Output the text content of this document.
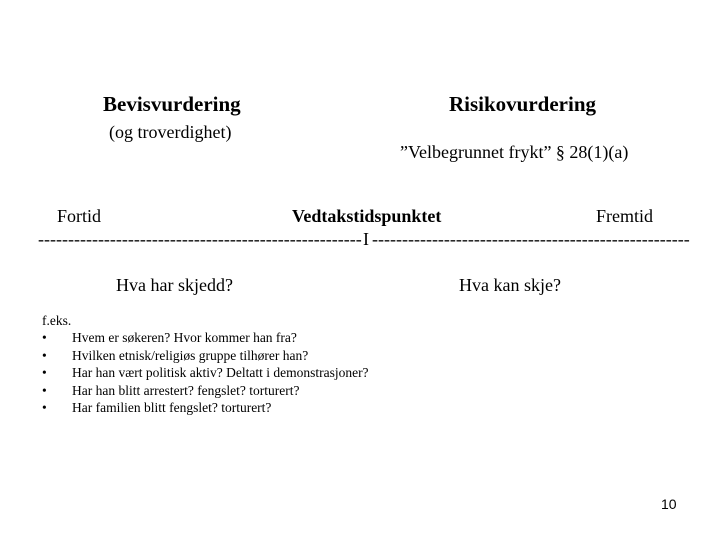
Bevisvurdering
(og troverdighet)
Risikovurdering
”Velbegrunnet frykt” § 28(1)(a)
Fortid	Vedtakstidspunktet	Fremtid
------------------------------------------------------ I -----------------------------------------------------
Hva har skjedd?	Hva kan skje?
f.eks.
•	Hvem er søkeren? Hvor kommer han fra?
•	Hvilken etnisk/religiøs gruppe tilhører han?
•	Har han vært politisk aktiv? Deltatt i demonstrasjoner?
•	Har han blitt arrestert? fengslet? torturert?
•	Har familien blitt fengslet? torturert?
10
